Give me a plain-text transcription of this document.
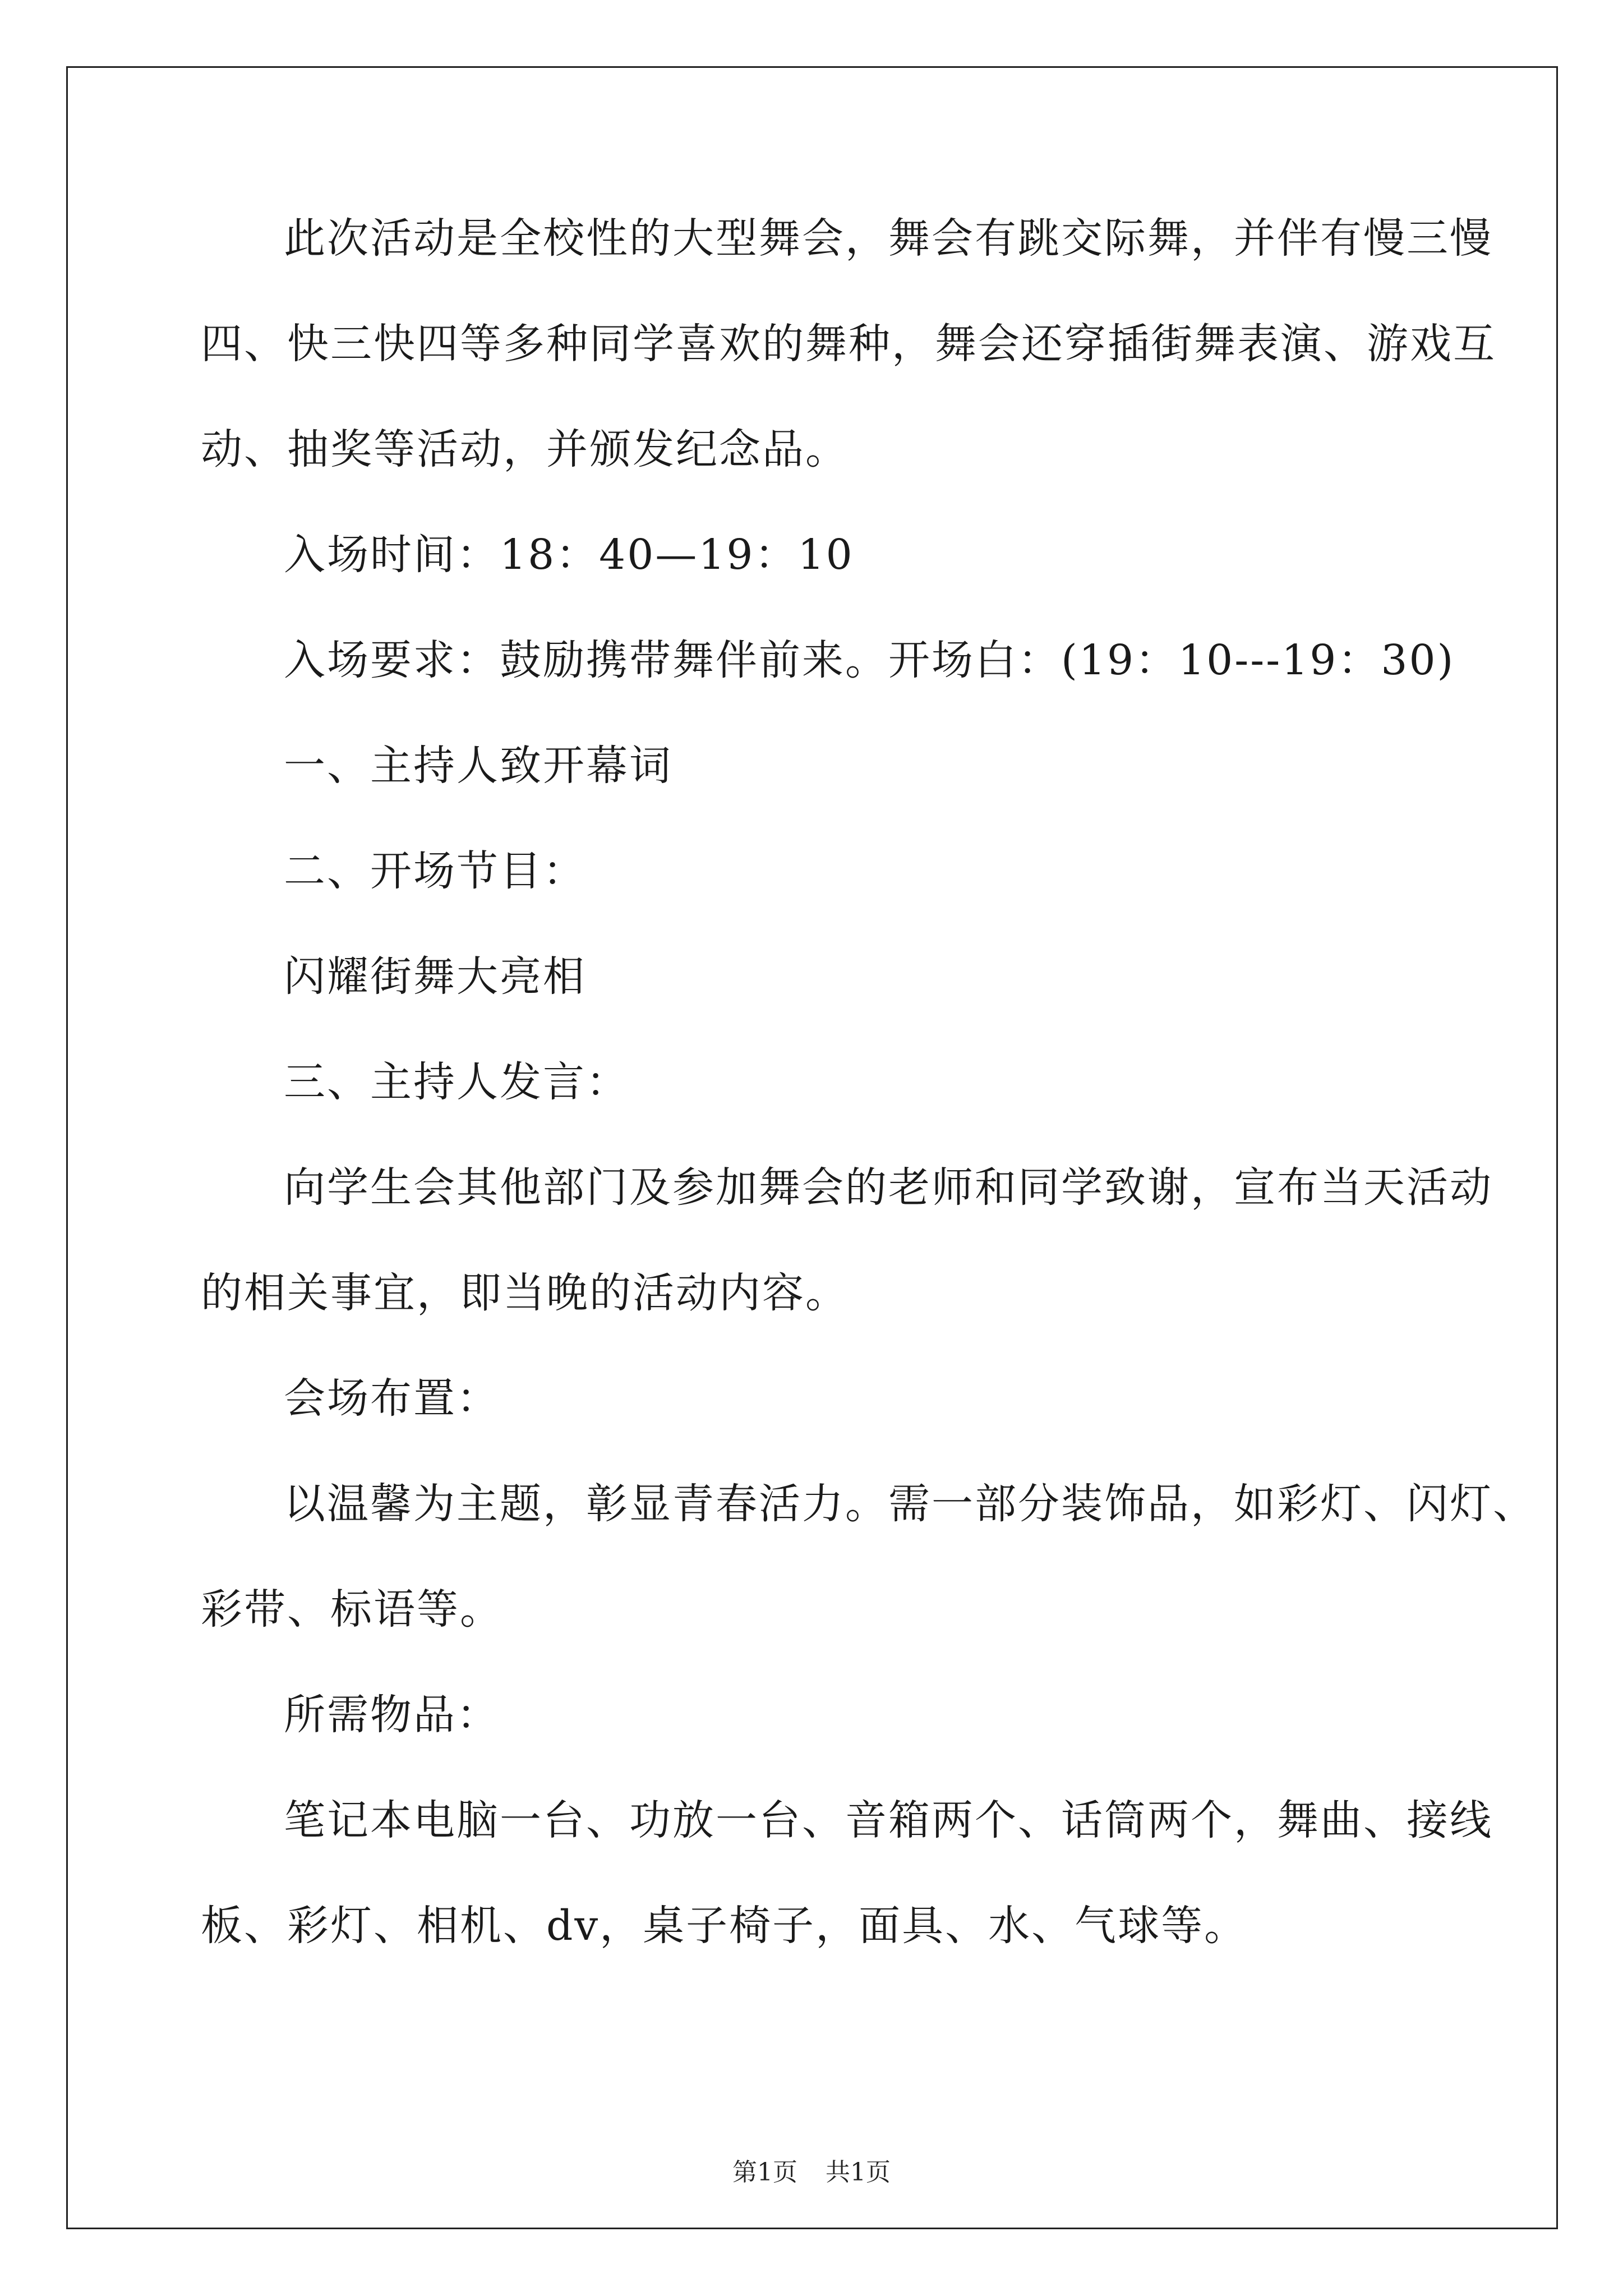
此次活动是全校性的大型舞会，舞会有跳交际舞，并伴有慢三慢
四、快三快四等多种同学喜欢的舞种，舞会还穿插街舞表演、游戏互
动、抽奖等活动，并颁发纪念品。
入场时间：18：40—19：10
入场要求：鼓励携带舞伴前来。开场白：(19：10---19：30)
一、主持人致开幕词
二、开场节目：
闪耀街舞大亮相
三、主持人发言：
向学生会其他部门及参加舞会的老师和同学致谢，宣布当天活动
的相关事宜，即当晚的活动内容。
会场布置：
以温馨为主题，彰显青春活力。需一部分装饰品，如彩灯、闪灯、
彩带、标语等。
所需物品：
笔记本电脑一台、功放一台、音箱两个、话筒两个，舞曲、接线
板、彩灯、相机、dv，桌子椅子，面具、水、气球等。
第1页 共1页
